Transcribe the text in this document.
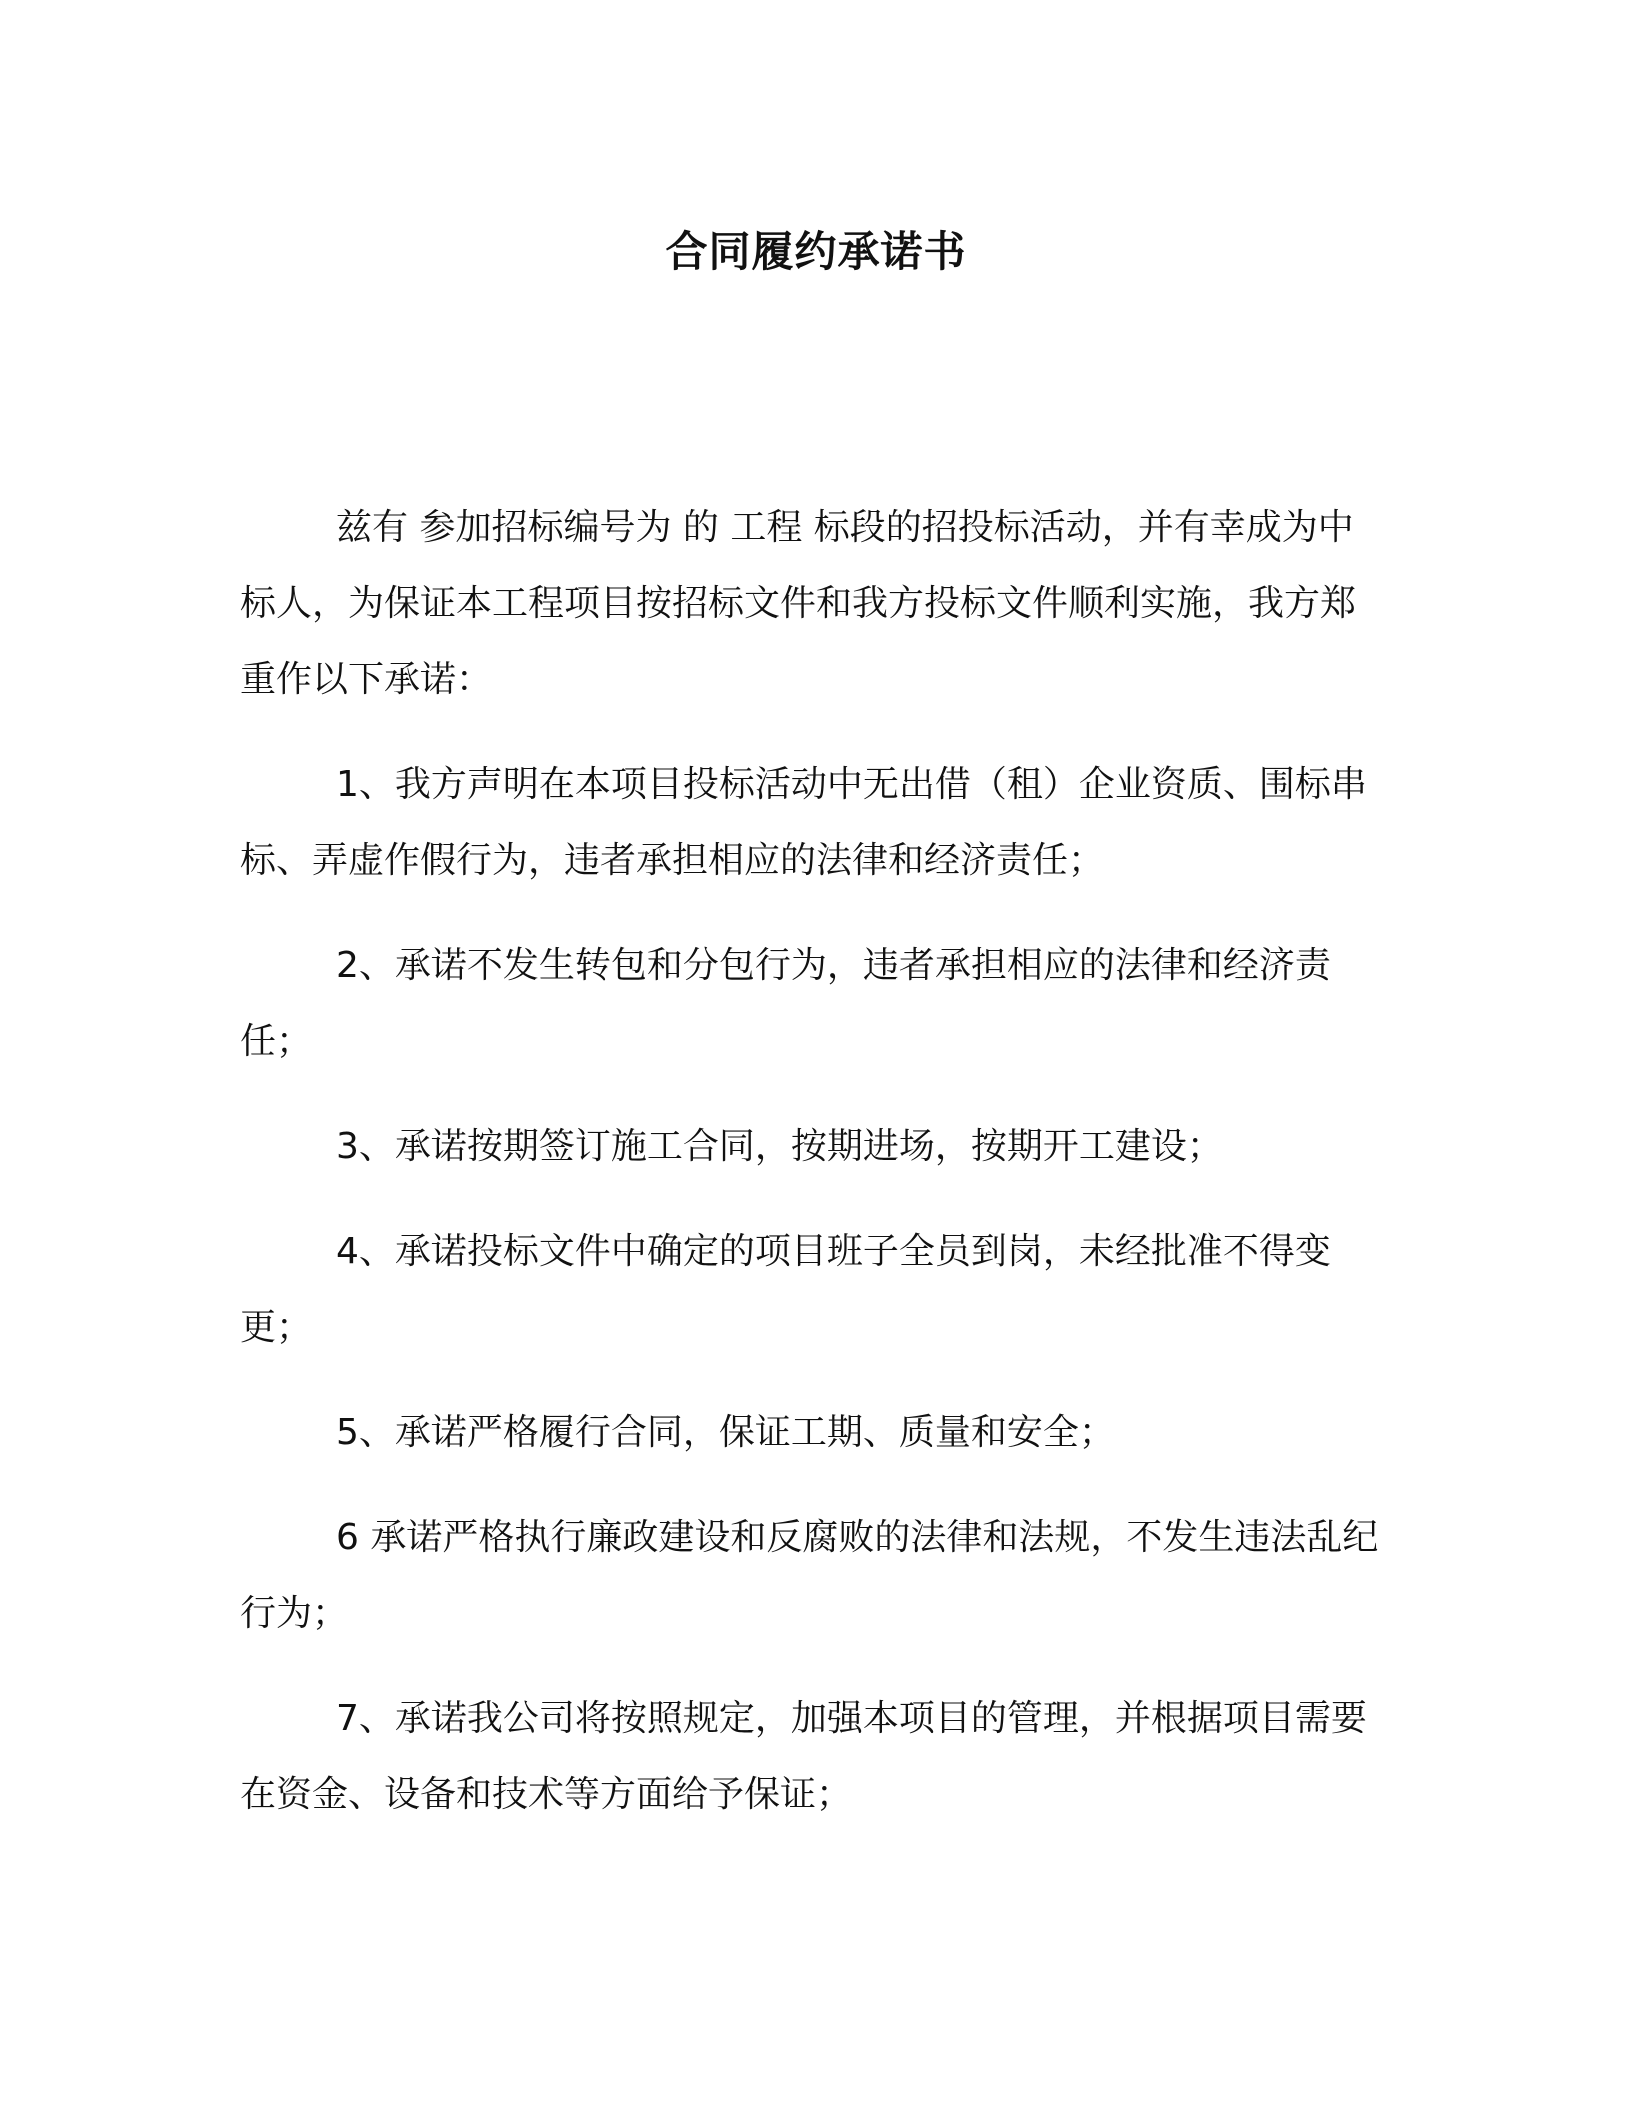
合同履约承诺书

兹有 参加招标编号为 的 工程 标段的招投标活动，并有幸成为中标人，为保证本工程项目按招标文件和我方投标文件顺利实施，我方郑重作以下承诺：

1、我方声明在本项目投标活动中无出借（租）企业资质、围标串标、弄虚作假行为，违者承担相应的法律和经济责任；

2、承诺不发生转包和分包行为，违者承担相应的法律和经济责任；

3、承诺按期签订施工合同，按期进场，按期开工建设；

4、承诺投标文件中确定的项目班子全员到岗，未经批准不得变更；

5、承诺严格履行合同，保证工期、质量和安全；

6 承诺严格执行廉政建设和反腐败的法律和法规，不发生违法乱纪行为；

7、承诺我公司将按照规定，加强本项目的管理，并根据项目需要在资金、设备和技术等方面给予保证；
